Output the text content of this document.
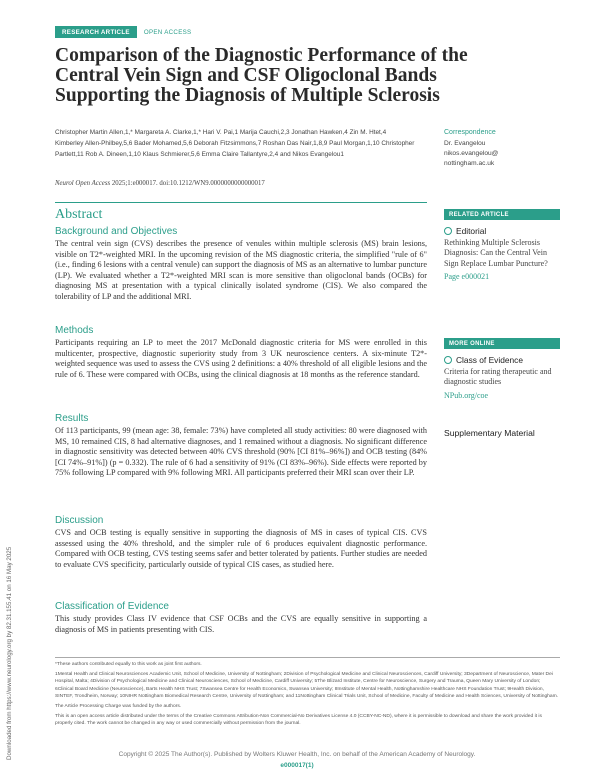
Downloaded from https://www.neurology.org by 82.31.155.41 on 16 May 2025
RESEARCH ARTICLE	OPEN ACCESS
Comparison of the Diagnostic Performance of the Central Vein Sign and CSF Oligoclonal Bands Supporting the Diagnosis of Multiple Sclerosis
Christopher Martin Allen,1,* Margareta A. Clarke,1,* Hari V. Pai,1 Marija Cauchi,2,3 Jonathan Hawken,4 Zin M. Htet,4 Kimberley Allen-Philbey,5,6 Bader Mohamed,5,6 Deborah Fitzsimmons,7 Roshan Das Nair,1,8,9 Paul Morgan,1,10 Christopher Partlett,11 Rob A. Dineen,1,10 Klaus Schmierer,5,6 Emma Claire Tallantyre,2,4 and Nikos Evangelou1
Correspondence
Dr. Evangelou
nikos.evangelou@
nottingham.ac.uk
Neurol Open Access 2025;1:e000017. doi:10.1212/WN9.0000000000000017
Abstract
Background and Objectives

The central vein sign (CVS) describes the presence of venules within multiple sclerosis (MS) brain lesions, visible on T2*-weighted MRI. In the upcoming revision of the MS diagnostic criteria, the simplified "rule of 6" (i.e., finding 6 lesions with a central venule) can support the diagnosis of MS as an alternative to lumbar puncture (LP). We evaluated whether a T2*-weighted MRI scan is more sensitive than oligoclonal bands (OCBs) for diagnosing MS at presentation with a typical clinically isolated syndrome (CIS). We also compared the tolerability of LP and the additional MRI.

Methods

Participants requiring an LP to meet the 2017 McDonald diagnostic criteria for MS were enrolled in this multicenter, prospective, diagnostic superiority study from 3 UK neuroscience centers. A six-minute T2*-weighted sequence was used to assess the CVS using 2 definitions: a 40% threshold of all eligible lesions and the rule of 6. These were compared with OCBs, using the clinical diagnosis at 18 months as the reference standard.

Results

Of 113 participants, 99 (mean age: 38, female: 73%) have completed all study activities: 80 were diagnosed with MS, 10 remained CIS, 8 had alternative diagnoses, and 1 remained without a diagnosis. No significant difference in diagnostic sensitivity was detected between 40% CVS threshold (90% [CI 81%–96%]) and OCB testing (84% [CI 74%–91%]) (p = 0.332). The rule of 6 had a sensitivity of 91% (CI 83%–96%). Side effects were reported by 75% following LP compared with 9% following MRI. All participants preferred their MRI scan over their LP.

Discussion

CVS and OCB testing is equally sensitive in supporting the diagnosis of MS in cases of typical CIS. CVS assessed using the 40% threshold, and the simpler rule of 6 produces equivalent diagnostic performance. Compared with OCB testing, CVS testing seems safer and better tolerated by patients. Further studies are needed to evaluate CVS specificity, particularly outside of typical CIS cases, as studied here.

Classification of Evidence

This study provides Class IV evidence that CSF OCBs and the CVS are equally sensitive in supporting a diagnosis of MS in patients presenting with CIS.

RELATED ARTICLE
Editorial
Rethinking Multiple Sclerosis Diagnosis: Can the Central Vein Sign Replace Lumbar Puncture?
Page e000021
MORE ONLINE
Class of Evidence
Criteria for rating therapeutic and diagnostic studies
NPub.org/coe
Supplementary Material

*These authors contributed equally to this work as joint first authors.

1Mental Health and Clinical Neurosciences Academic Unit, School of Medicine, University of Nottingham; 2Division of Psychological Medicine and Clinical Neurosciences, Cardiff University; 3Department of Neuroscience, Mater Dei Hospital, Malta; 4Division of Psychological Medicine and Clinical Neurosciences, School of Medicine, Cardiff University; 5The Blizard Institute, Centre for Neuroscience, Surgery and Trauma, Queen Mary University of London; 6Clinical Board Medicine (Neuroscience), Barts Health NHS Trust; 7Swansea Centre for Health Economics, Swansea University; 8Institute of Mental Health, Nottinghamshire Healthcare NHS Foundation Trust; 9Health Division, SINTEF, Trondheim, Norway; 10NIHR Nottingham Biomedical Research Centre, University of Nottingham; and 11Nottingham Clinical Trials Unit, School of Medicine, Faculty of Medicine and Health Sciences, University of Nottingham.

The Article Processing Charge was funded by the authors.

This is an open access article distributed under the terms of the Creative Commons Attribution-Non Commercial-No Derivatives License 4.0 (CCBY-NC-ND), where it is permissible to download and share the work provided it is properly cited. The work cannot be changed in any way or used commercially without permission from the journal.

Copyright © 2025 The Author(s). Published by Wolters Kluwer Health, Inc. on behalf of the American Academy of Neurology.
e000017(1)
